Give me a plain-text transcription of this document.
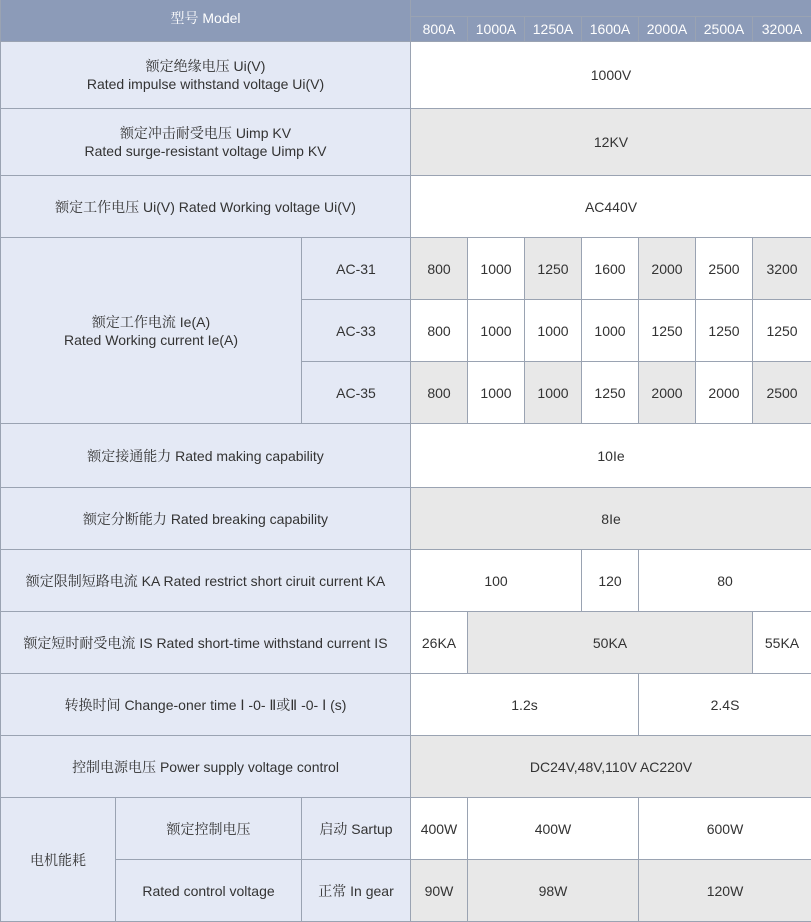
型号 Model									
			800A	1000A	1250A	1600A	2000A	2500A	3200A

额定绝缘电压 Ui(V)
Rated impulse withstand voltage Ui(V)			1000V						

额定冲击耐受电压 Uimp KV
Rated surge-resistant voltage Uimp KV			12KV						
额定工作电压 Ui(V) Rated Working voltage Ui(V)			AC440V						

额定工作电流 Ie(A)
Rated Working current Ie(A)		AC-31	800	1000	1250	1600	2000	2500	3200
		AC-33	800	1000	1000	1000	1250	1250	1250
		AC-35	800	1000	1000	1250	2000	2000	2500
额定接通能力 Rated making capability			10Ie						
额定分断能力 Rated breaking capability			8Ie						
额定限制短路电流 KA Rated restrict short ciruit current KA			100			120	80		
额定短时耐受电流 IS Rated short-time withstand current IS			26KA	50KA					55KA
转换时间 Change-oner time Ⅰ -0- Ⅱ或Ⅱ -0- Ⅰ (s)			1.2s				2.4S		
控制电源电压 Power supply voltage control			DC24V,48V,110V AC220V						
电机能耗	额定控制电压	启动 Sartup	400W	400W			600W		
	Rated control voltage	正常 In gear	90W	98W			120W		
